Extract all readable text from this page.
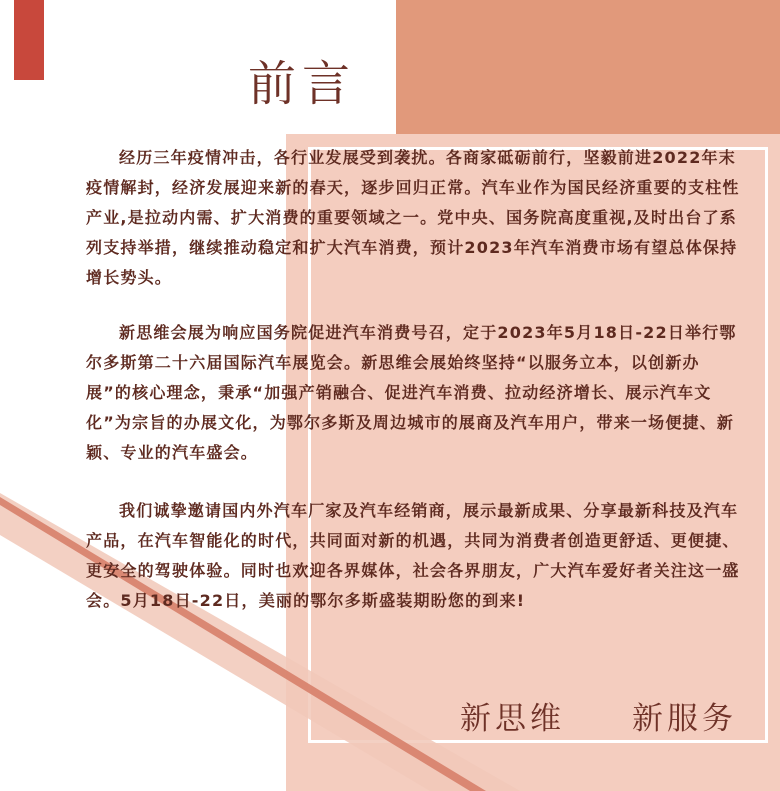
前言

经历三年疫情冲击，各行业发展受到袭扰。各商家砥砺前行，坚毅前进2022年末疫情解封，经济发展迎来新的春天，逐步回归正常。汽车业作为国民经济重要的支柱性产业,是拉动内需、扩大消费的重要领域之一。党中央、国务院高度重视,及时出台了系列支持举措，继续推动稳定和扩大汽车消费，预计2023年汽车消费市场有望总体保持增长势头。

新思维会展为响应国务院促进汽车消费号召，定于2023年5月18日-22日举行鄂尔多斯第二十六届国际汽车展览会。新思维会展始终坚持“以服务立本，以创新办展”的核心理念，秉承“加强产销融合、促进汽车消费、拉动经济增长、展示汽车文化”为宗旨的办展文化，为鄂尔多斯及周边城市的展商及汽车用户，带来一场便捷、新颖、专业的汽车盛会。

我们诚挚邀请国内外汽车厂家及汽车经销商，展示最新成果、分享最新科技及汽车产品，在汽车智能化的时代，共同面对新的机遇，共同为消费者创造更舒适、更便捷、更安全的驾驶体验。同时也欢迎各界媒体，社会各界朋友，广大汽车爱好者关注这一盛会。5月18日-22日，美丽的鄂尔多斯盛装期盼您的到来!

新思维 新服务
